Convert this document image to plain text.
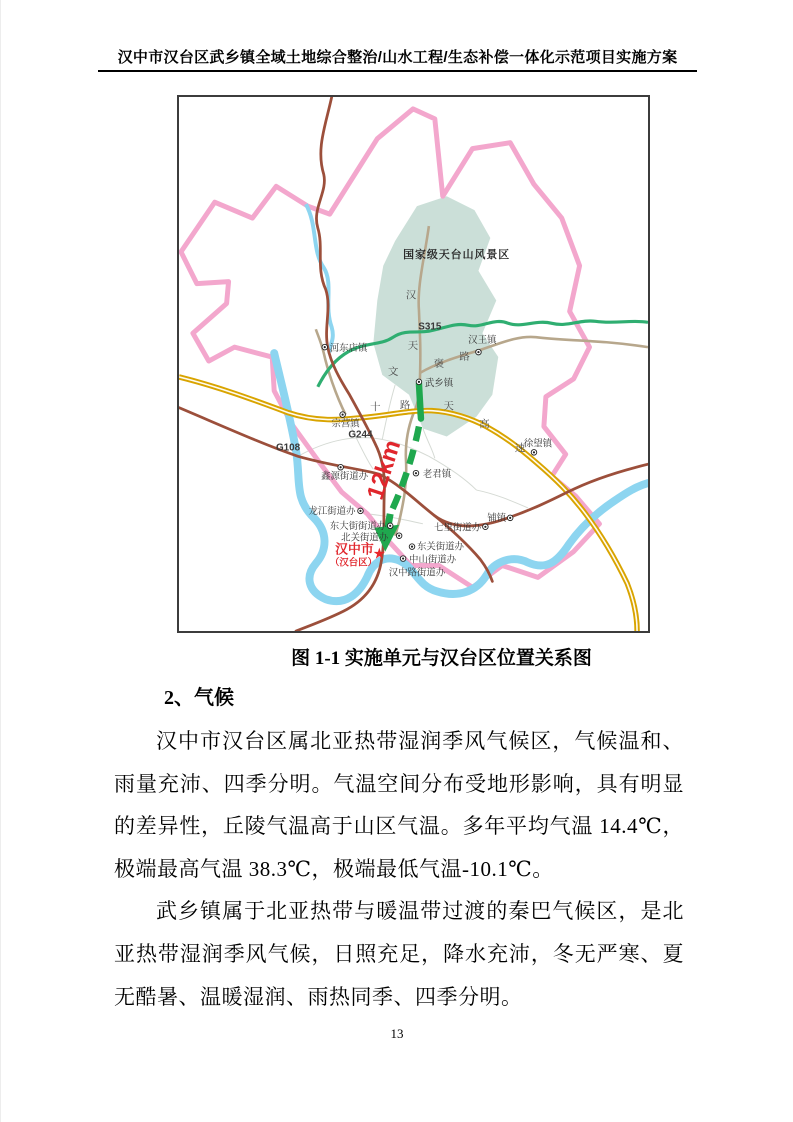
汉中市汉台区武乡镇全域土地综合整治/山水工程/生态补偿一体化示范项目实施方案
国家级天台山风景区
S315
G244
G108
汉
天
文
褒
路
十 路	天
高
速
河东店镇
汉王镇
武乡镇
宗营镇
徐望镇
老君镇
铺镇
鑫源街道办
龙江街道办
东大街街道办
北关街道办
七里街道办
东关街道办
中山街道办
汉中路街道办
汉中市
（汉台区）
★
12km
图 1-1 实施单元与汉台区位置关系图
2、气候

汉中市汉台区属北亚热带湿润季风气候区，气候温和、雨量充沛、四季分明。气温空间分布受地形影响，具有明显的差异性，丘陵气温高于山区气温。多年平均气温 14.4℃，极端最高气温 38.3℃，极端最低气温-10.1℃。

武乡镇属于北亚热带与暖温带过渡的秦巴气候区，是北亚热带湿润季风气候，日照充足，降水充沛，冬无严寒、夏无酷暑、温暖湿润、雨热同季、四季分明。

13
